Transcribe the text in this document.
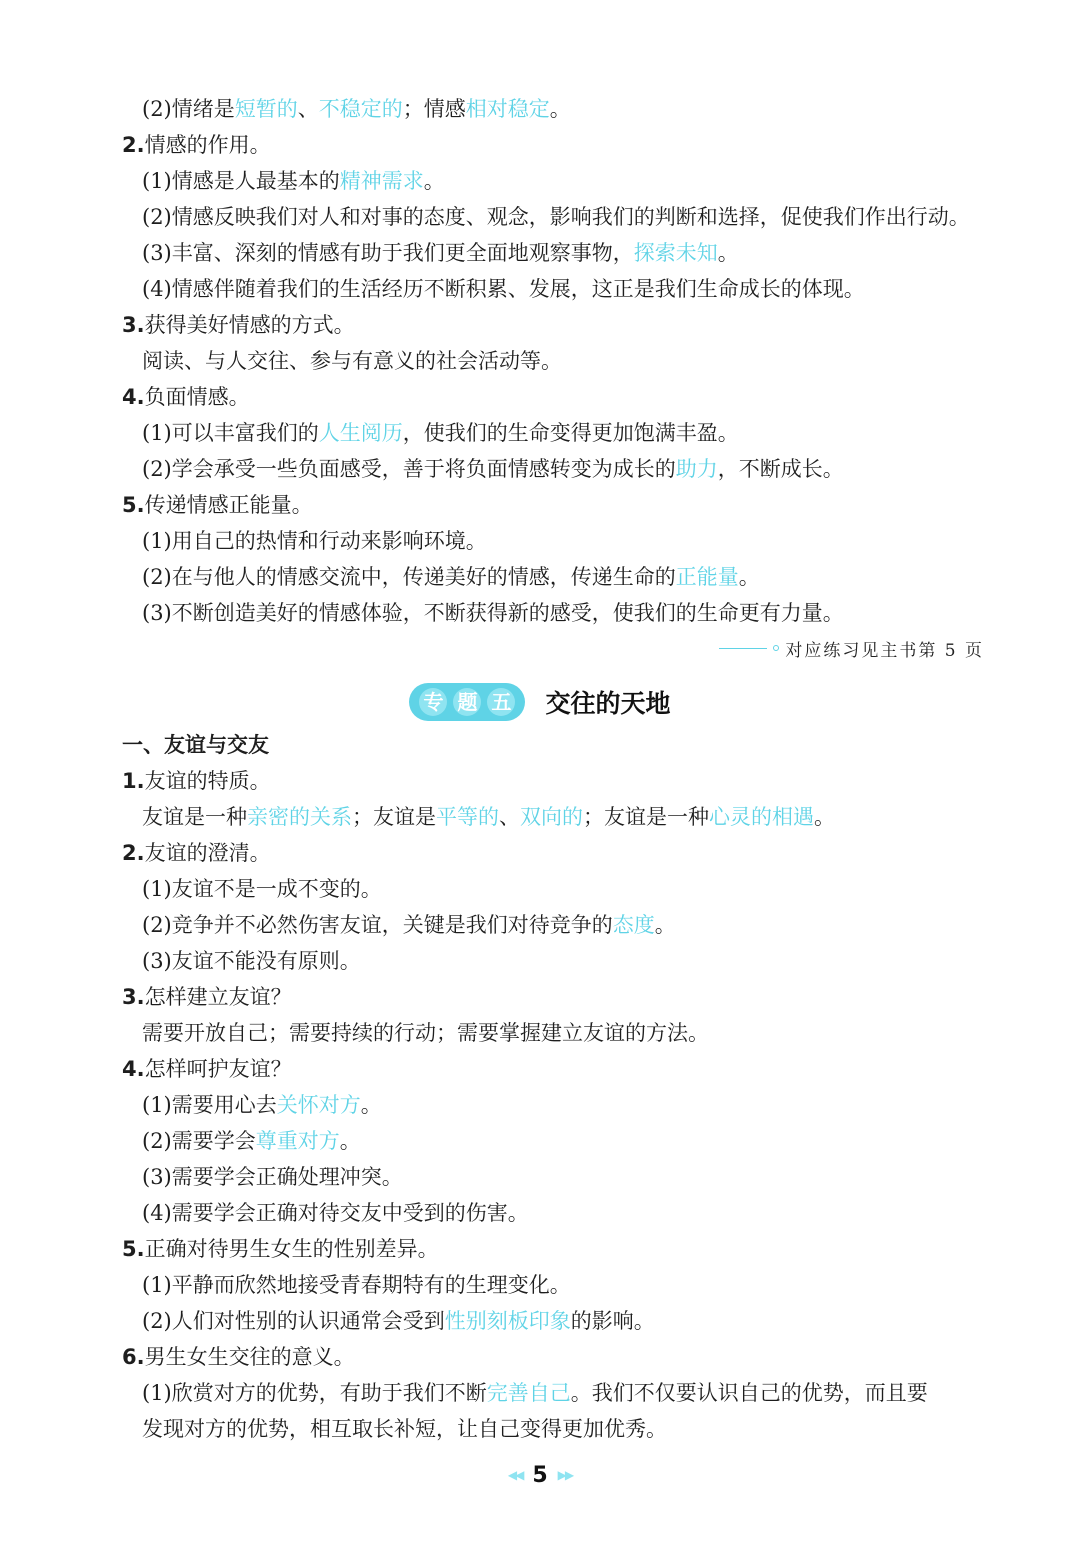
(2)情绪是短暂的、不稳定的；情感相对稳定。
2.情感的作用。
(1)情感是人最基本的精神需求。
(2)情感反映我们对人和对事的态度、观念，影响我们的判断和选择，促使我们作出行动。
(3)丰富、深刻的情感有助于我们更全面地观察事物，探索未知。
(4)情感伴随着我们的生活经历不断积累、发展，这正是我们生命成长的体现。
3.获得美好情感的方式。
阅读、与人交往、参与有意义的社会活动等。
4.负面情感。
(1)可以丰富我们的人生阅历，使我们的生命变得更加饱满丰盈。
(2)学会承受一些负面感受，善于将负面情感转变为成长的助力，不断成长。
5.传递情感正能量。
(1)用自己的热情和行动来影响环境。
(2)在与他人的情感交流中，传递美好的情感，传递生命的正能量。
(3)不断创造美好的情感体验，不断获得新的感受，使我们的生命更有力量。
对应练习见主书第 5 页
专 题 五 交往的天地
一、友谊与交友
1.友谊的特质。
友谊是一种亲密的关系；友谊是平等的、双向的；友谊是一种心灵的相遇。
2.友谊的澄清。
(1)友谊不是一成不变的。
(2)竞争并不必然伤害友谊，关键是我们对待竞争的态度。
(3)友谊不能没有原则。
3.怎样建立友谊？
需要开放自己；需要持续的行动；需要掌握建立友谊的方法。
4.怎样呵护友谊？
(1)需要用心去关怀对方。
(2)需要学会尊重对方。
(3)需要学会正确处理冲突。
(4)需要学会正确对待交友中受到的伤害。
5.正确对待男生女生的性别差异。
(1)平静而欣然地接受青春期特有的生理变化。
(2)人们对性别的认识通常会受到性别刻板印象的影响。
6.男生女生交往的意义。
(1)欣赏对方的优势，有助于我们不断完善自己。我们不仅要认识自己的优势，而且要
发现对方的优势，相互取长补短，让自己变得更加优秀。
◀◀ 5 ▶▶
